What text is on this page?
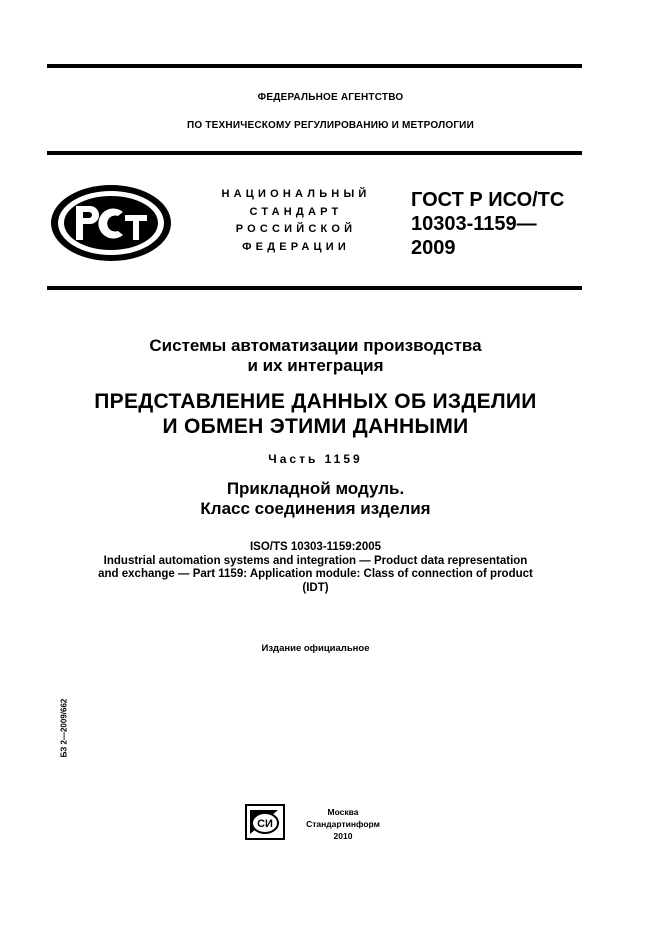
ФЕДЕРАЛЬНОЕ АГЕНТСТВО
ПО ТЕХНИЧЕСКОМУ РЕГУЛИРОВАНИЮ И МЕТРОЛОГИИ
НАЦИОНАЛЬНЫЙ
СТАНДАРТ
РОССИЙСКОЙ
ФЕДЕРАЦИИ
ГОСТ Р ИСО/ТС
10303-1159—
2009
Системы автоматизации производства
и их интеграция
ПРЕДСТАВЛЕНИЕ ДАННЫХ ОБ ИЗДЕЛИИ
И ОБМЕН ЭТИМИ ДАННЫМИ
Часть 1159
Прикладной модуль.
Класс соединения изделия
ISO/TS 10303-1159:2005
Industrial automation systems and integration — Product data representation
and exchange — Part 1159: Application module: Class of connection of product
(IDT)
Издание официальное
БЗ 2—2009/662
СИ
Москва
Стандартинформ
2010
